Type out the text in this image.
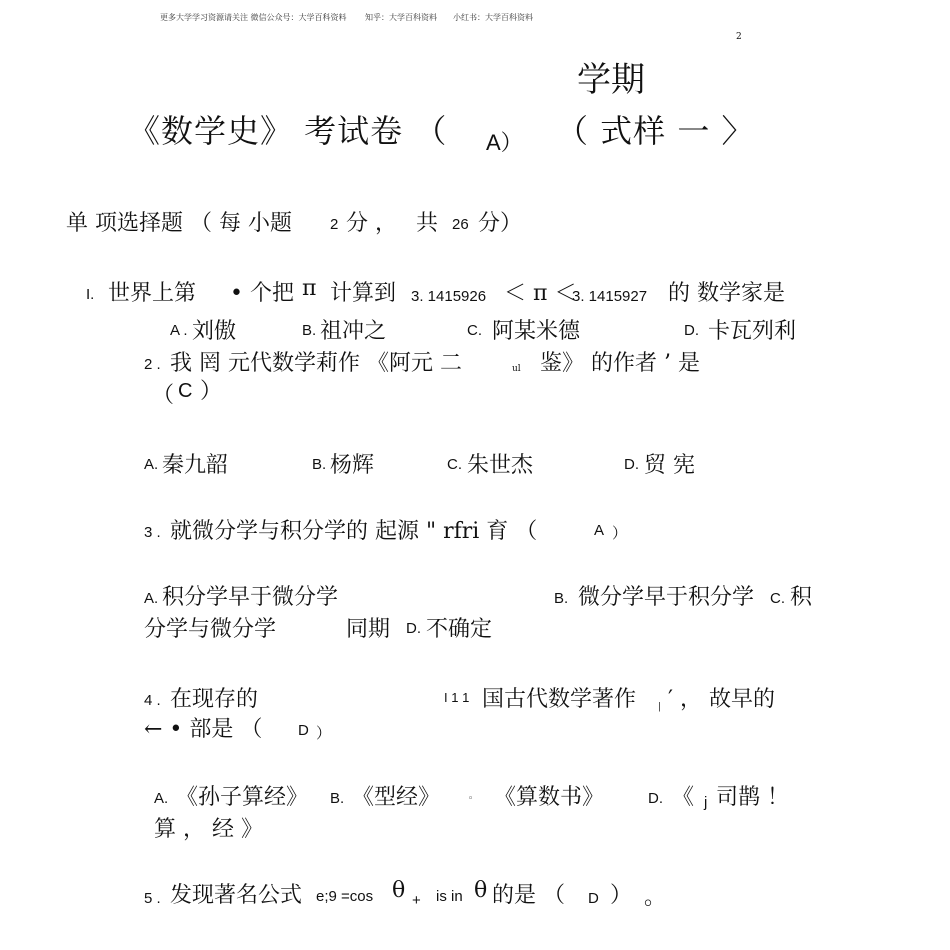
更多大学学习资源请关注 微信公众号：大学百科资料 知乎：大学百科资料 小红书：大学百科资料
2
学期
《数学史》 考试卷 （ A） （ 式样 一 〉
单 项选择题 （ 每 小题	2 分 ， 共 26 分）
I. 世界上第 • 个把 π 计算到 3. 1415926 ＜ π ＜
3. 1415927 的 数学家是
A . 刘傲	B. 祖冲之	C. 阿某米德	D. 卡瓦列利
2 . 我 罔 元代数学莉作 《阿元 二	ul 鉴》 的作者 ’ 是
（ C ）
A. 秦九韶	B. 杨辉	C. 朱世杰	D. 贸 宪
3 . 就微分学与积分学的 起源 " rfri 育 （	A ）
A. 积分学早于微分学	B. 微分学早于积分学 C. 积
分学与微分学	同期 D. 不确定
4 . 在现存的	I 1 1 国古代数学著作 | ′ ， 故早的
← • 部是 （ D ）
A. 《孙子算经》 B. 《型经》	◦ 《算数书》	D. 《 j 司鹊 ！
算 ， 经 》
5 . 发现著名公式 e;9 =cos θ + is in θ 的是 （ D ） 。
